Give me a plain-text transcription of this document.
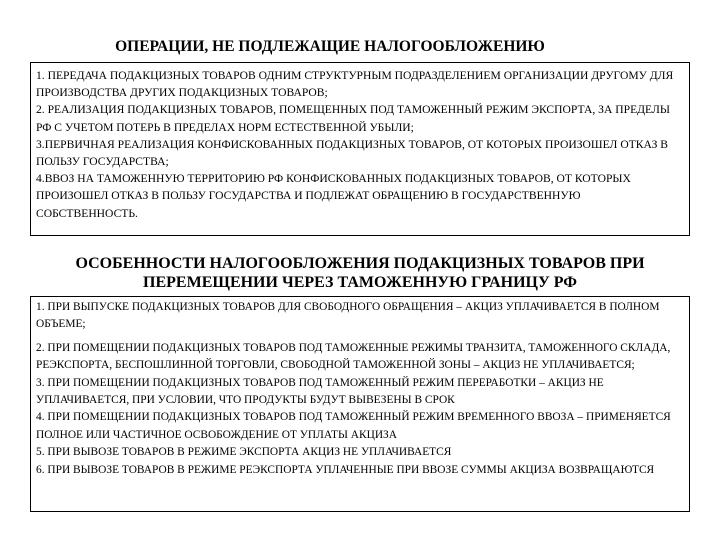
ОПЕРАЦИИ, НЕ ПОДЛЕЖАЩИЕ НАЛОГООБЛОЖЕНИЮ

1. ПЕРЕДАЧА ПОДАКЦИЗНЫХ ТОВАРОВ ОДНИМ СТРУКТУРНЫМ ПОДРАЗДЕЛЕНИЕМ ОРГАНИЗАЦИИ ДРУГОМУ ДЛЯ ПРОИЗВОДСТВА ДРУГИХ ПОДАКЦИЗНЫХ ТОВАРОВ;

2. РЕАЛИЗАЦИЯ ПОДАКЦИЗНЫХ ТОВАРОВ, ПОМЕЩЕННЫХ ПОД ТАМОЖЕННЫЙ РЕЖИМ ЭКСПОРТА, ЗА ПРЕДЕЛЫ РФ С УЧЕТОМ ПОТЕРЬ В ПРЕДЕЛАХ НОРМ ЕСТЕСТВЕННОЙ УБЫЛИ;

3.ПЕРВИЧНАЯ РЕАЛИЗАЦИЯ КОНФИСКОВАННЫХ ПОДАКЦИЗНЫХ ТОВАРОВ, ОТ КОТОРЫХ ПРОИЗОШЕЛ ОТКАЗ В ПОЛЬЗУ ГОСУДАРСТВА;

4.ВВОЗ НА ТАМОЖЕННУЮ ТЕРРИТОРИЮ РФ КОНФИСКОВАННЫХ ПОДАКЦИЗНЫХ ТОВАРОВ, ОТ КОТОРЫХ ПРОИЗОШЕЛ ОТКАЗ В ПОЛЬЗУ ГОСУДАРСТВА И ПОДЛЕЖАТ ОБРАЩЕНИЮ В ГОСУДАРСТВЕННУЮ СОБСТВЕННОСТЬ.

ОСОБЕННОСТИ НАЛОГООБЛОЖЕНИЯ ПОДАКЦИЗНЫХ ТОВАРОВ ПРИ ПЕРЕМЕЩЕНИИ ЧЕРЕЗ ТАМОЖЕННУЮ ГРАНИЦУ РФ

1. ПРИ ВЫПУСКЕ ПОДАКЦИЗНЫХ ТОВАРОВ ДЛЯ СВОБОДНОГО ОБРАЩЕНИЯ – АКЦИЗ УПЛАЧИВАЕТСЯ В ПОЛНОМ ОБЪЕМЕ;

2. ПРИ ПОМЕЩЕНИИ ПОДАКЦИЗНЫХ ТОВАРОВ ПОД ТАМОЖЕННЫЕ РЕЖИМЫ ТРАНЗИТА, ТАМОЖЕННОГО СКЛАДА, РЕЭКСПОРТА, БЕСПОШЛИННОЙ ТОРГОВЛИ, СВОБОДНОЙ ТАМОЖЕННОЙ ЗОНЫ – АКЦИЗ НЕ УПЛАЧИВАЕТСЯ;

3. ПРИ ПОМЕЩЕНИИ ПОДАКЦИЗНЫХ ТОВАРОВ ПОД ТАМОЖЕННЫЙ РЕЖИМ ПЕРЕРАБОТКИ – АКЦИЗ НЕ УПЛАЧИВАЕТСЯ, ПРИ УСЛОВИИ, ЧТО ПРОДУКТЫ БУДУТ ВЫВЕЗЕНЫ В СРОК

4. ПРИ ПОМЕЩЕНИИ ПОДАКЦИЗНЫХ ТОВАРОВ ПОД ТАМОЖЕННЫЙ РЕЖИМ ВРЕМЕННОГО ВВОЗА – ПРИМЕНЯЕТСЯ ПОЛНОЕ ИЛИ ЧАСТИЧНОЕ ОСВОБОЖДЕНИЕ ОТ УПЛАТЫ АКЦИЗА

5. ПРИ ВЫВОЗЕ ТОВАРОВ В РЕЖИМЕ ЭКСПОРТА АКЦИЗ НЕ УПЛАЧИВАЕТСЯ

6. ПРИ ВЫВОЗЕ ТОВАРОВ В РЕЖИМЕ РЕЭКСПОРТА УПЛАЧЕННЫЕ ПРИ ВВОЗЕ СУММЫ АКЦИЗА ВОЗВРАЩАЮТСЯ
